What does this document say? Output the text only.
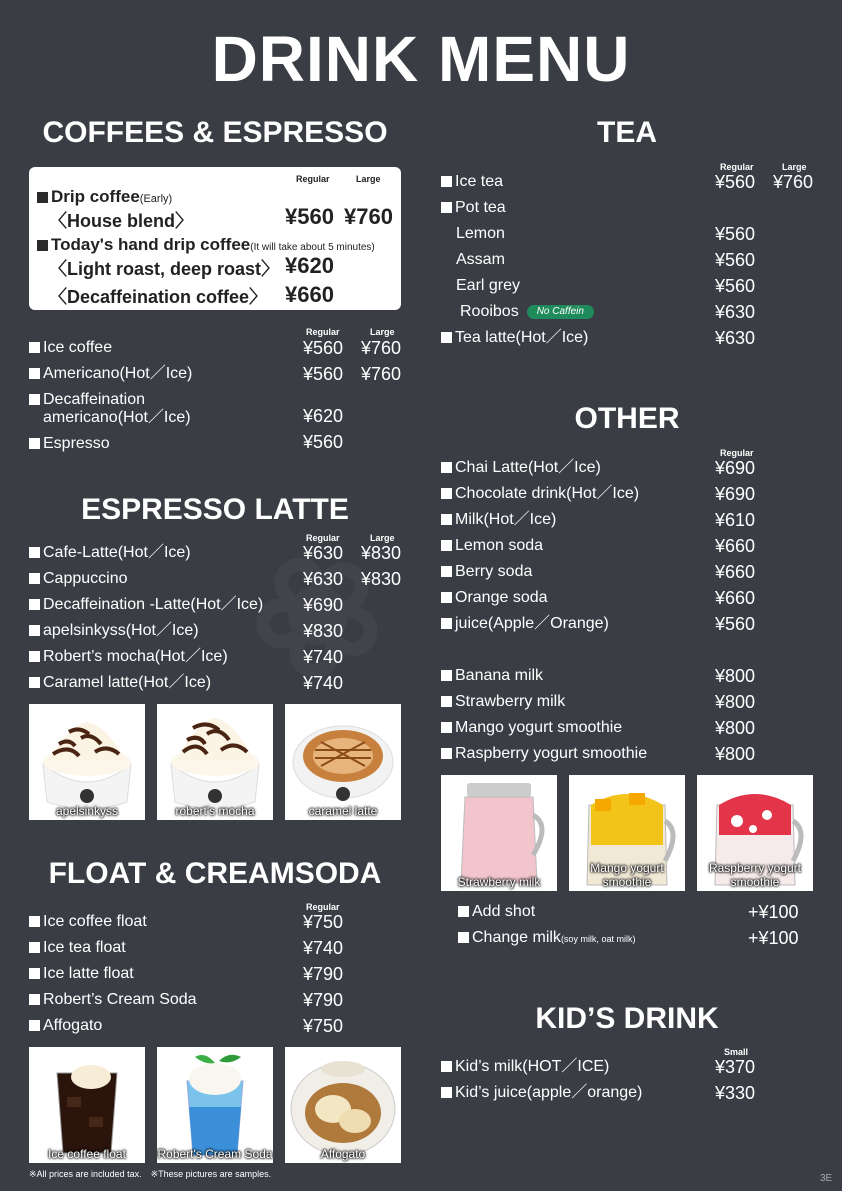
DRINK MENU
COFFEES & ESPRESSO
Regular	Large
Drip coffee(Early)
〈House blend〉	¥560 ¥760
Today's hand drip coffee(It will take about 5 minutes)
〈Light roast, deep roast〉 ¥620
〈Decaffeination coffee〉 ¥660
Regular	Large
Ice coffee	¥560 ¥760
Americano(Hot／Ice)	¥560 ¥760
Decaffeination
americano(Hot／Ice)	¥620
Espresso	¥560
ESPRESSO LATTE
Regular	Large
Cafe-Latte(Hot／Ice)	¥630 ¥830
Cappuccino	¥630 ¥830
Decaffeination -Latte(Hot／Ice) ¥690
apelsinkyss(Hot／Ice)	¥830
Robert’s mocha(Hot／Ice)	¥740
Caramel latte(Hot／Ice)	¥740
apelsinkyss	robert's mocha	caramel latte
FLOAT & CREAMSODA
Regular
Ice coffee float	¥750
Ice tea float	¥740
Ice latte float	¥790
Robert’s Cream Soda	¥790
Affogato	¥750
Ice coffee float	Robert's Cream Soda	Affogato
※All prices are included tax.　※These pictures are samples.
TEA
Regular	Large
Ice tea	¥560 ¥760
Pot tea
Lemon	¥560
Assam	¥560
Earl grey	¥560
Rooibos No Caffein	¥630
Tea latte(Hot／Ice)	¥630
OTHER
Regular
Chai Latte(Hot／Ice)	¥690
Chocolate drink(Hot／Ice)	¥690
Milk(Hot／Ice)	¥610
Lemon soda	¥660
Berry soda	¥660
Orange soda	¥660
juice(Apple／Orange)	¥560
Banana milk	¥800
Strawberry milk	¥800
Mango yogurt smoothie	¥800
Raspberry yogurt smoothie	¥800
Strawberry milk
Mango yogurt smoothie
Raspberry yogurt smoothie
Add shot	+¥100
Change milk(soy milk, oat milk)	+¥100
KID’S DRINK
Small
Kid’s milk(HOT／ICE)	¥370
Kid’s juice(apple／orange)	¥330
3E
